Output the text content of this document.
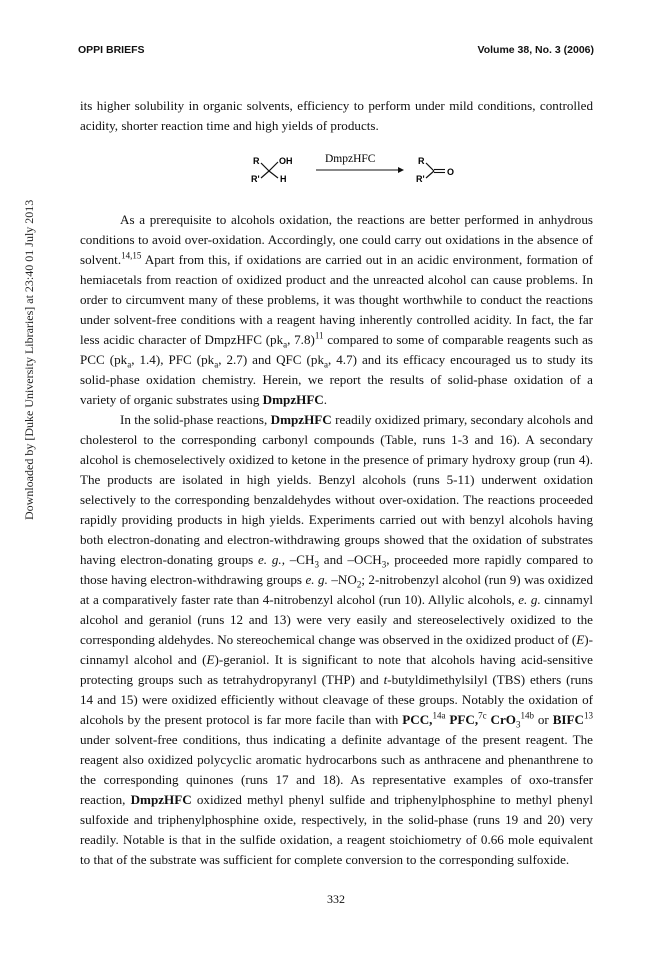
OPPI BRIEFS	Volume 38, No. 3 (2006)
Downloaded by [Duke University Libraries] at 23:40 01 July 2013

its higher solubility in organic solvents, efficiency to perform under mild conditions, controlled acidity, shorter reaction time and high yields of products.

R OH
R' H
DmpzHFC	R
R'
O

As a prerequisite to alcohols oxidation, the reactions are better performed in anhydrous conditions to avoid over-oxidation. Accordingly, one could carry out oxidations in the absence of solvent.$^{14,15}$ Apart from this, if oxidations are carried out in an acidic environment, formation of hemiacetals from reaction of oxidized product and the unreacted alcohol can cause problems. In order to circumvent many of these problems, it was thought worthwhile to conduct the reactions under solvent-free conditions with a reagent having inherently controlled acidity. In fact, the far less acidic character of DmpzHFC ($pk_a$, 7.8)$^{11}$ compared to some of comparable reagents such as PCC ($pk_a$, 1.4), PFC ($pk_a$, 2.7) and QFC ($pk_a$, 4.7) and its efficacy encouraged us to study its solid-phase oxidation chemistry. Herein, we report the results of solid-phase oxidation of a variety of organic substrates using DmpzHFC.

In the solid-phase reactions, DmpzHFC readily oxidized primary, secondary alcohols and cholesterol to the corresponding carbonyl compounds (Table, runs 1-3 and 16). A secondary alcohol is chemoselectively oxidized to ketone in the presence of primary hydroxy group (run 4). The products are isolated in high yields. Benzyl alcohols (runs 5-11) underwent oxidation selectively to the corresponding benzaldehydes without over-oxidation. The reactions proceeded rapidly providing products in high yields. Experiments carried out with benzyl alcohols having both electron-donating and electron-withdrawing groups showed that the oxidation of substrates having electron-donating groups e. g., $-CH_3$ and $-OCH_3$, proceeded more rapidly compared to those having electron-withdrawing groups e. g. $-NO_2$; 2-nitrobenzyl alcohol (run 9) was oxidized at a comparatively faster rate than 4-nitrobenzyl alcohol (run 10). Allylic alcohols, e. g. cinnamyl alcohol and geraniol (runs 12 and 13) were very easily and stereoselectively oxidized to the corresponding aldehydes. No stereochemical change was observed in the oxidized product of (E)-cinnamyl alcohol and (E)-geraniol. It is significant to note that alcohols having acid-sensitive protecting groups such as tetrahydropyranyl (THP) and t-butyldimethylsilyl (TBS) ethers (runs 14 and 15) were oxidized efficiently without cleavage of these groups. Notably the oxidation of alcohols by the present protocol is far more facile than with PCC,$^{14a}$ PFC,$^{7c}$ CrO$_3^{14b}$ or BIFC$^{13}$ under solvent-free conditions, thus indicating a definite advantage of the present reagent. The reagent also oxidized polycyclic aromatic hydrocarbons such as anthracene and phenanthrene to the corresponding quinones (runs 17 and 18). As representative examples of oxo-transfer reaction, DmpzHFC oxidized methyl phenyl sulfide and triphenylphosphine to methyl phenyl sulfoxide and triphenylphosphine oxide, respectively, in the solid-phase (runs 19 and 20) very readily. Notable is that in the sulfide oxidation, a reagent stoichiometry of 0.66 mole equivalent to that of the substrate was sufficient for complete conversion to the corresponding sulfoxide.

332
